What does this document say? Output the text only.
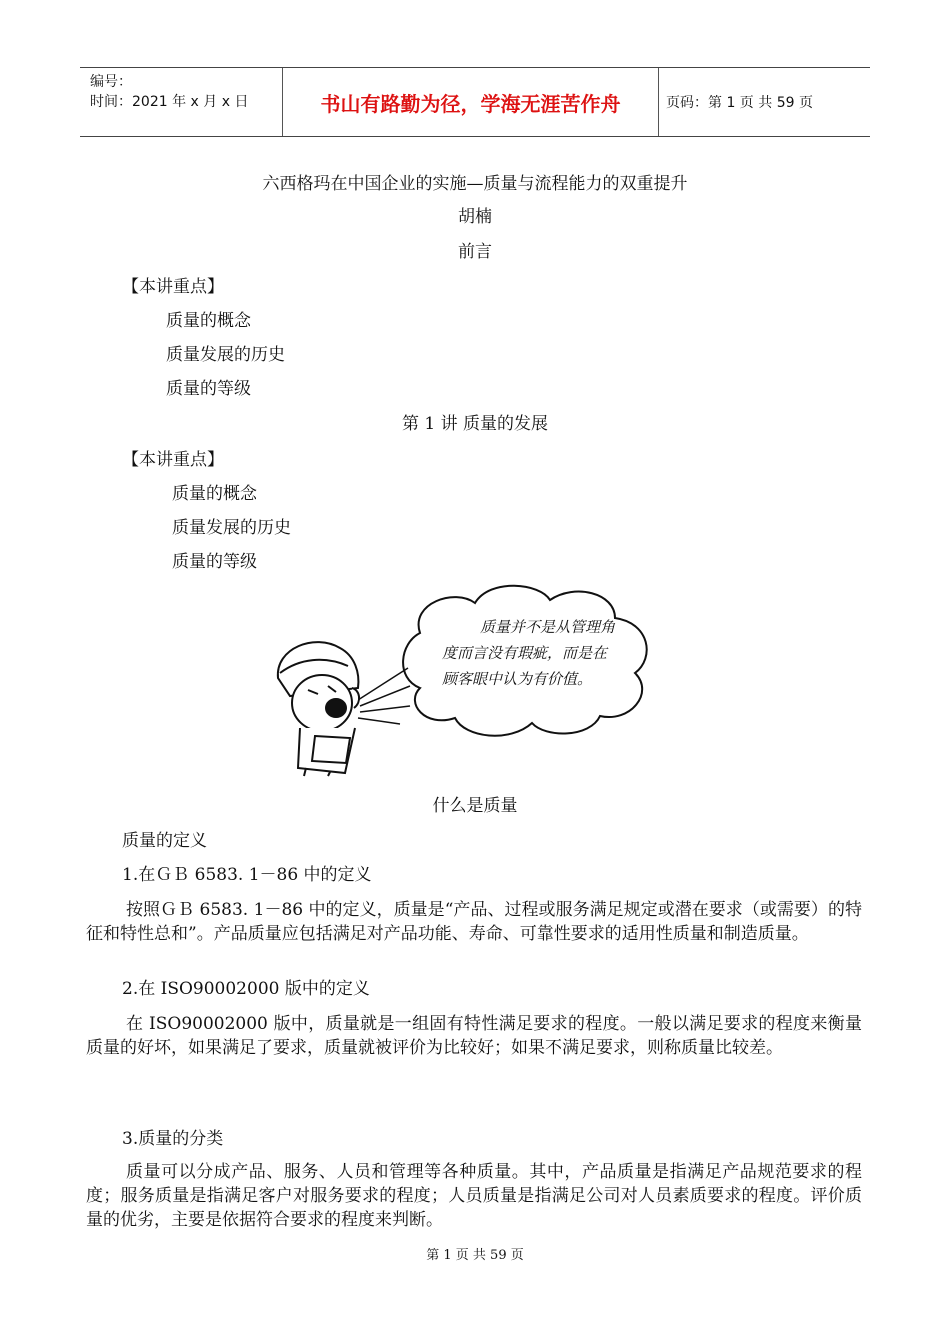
编号：
时间：2021 年 x 月 x 日	书山有路勤为径，学海无涯苦作舟	页码：第 1 页 共 59 页
六西格玛在中国企业的实施—质量与流程能力的双重提升
胡楠
前言
【本讲重点】
质量的概念
质量发展的历史
质量的等级
第 1 讲 质量的发展
【本讲重点】
质量的概念
质量发展的历史
质量的等级
质量并不是从管理角
度而言没有瑕疵，而是在
顾客眼中认为有价值。
什么是质量
质量的定义
1.在ＧＢ 6583. 1－86 中的定义
按照ＧＢ 6583. 1－86 中的定义，质量是“产品、过程或服务满足规定或潜在要求（或需要）的特征和特性总和”。产品质量应包括满足对产品功能、寿命、可靠性要求的适用性质量和制造质量。
2.在 ISO90002000 版中的定义
在 ISO90002000 版中，质量就是一组固有特性满足要求的程度。一般以满足要求的程度来衡量质量的好坏，如果满足了要求，质量就被评价为比较好；如果不满足要求，则称质量比较差。
3.质量的分类
质量可以分成产品、服务、人员和管理等各种质量。其中，产品质量是指满足产品规范要求的程度；服务质量是指满足客户对服务要求的程度；人员质量是指满足公司对人员素质要求的程度。评价质量的优劣，主要是依据符合要求的程度来判断。
第 1 页 共 59 页
